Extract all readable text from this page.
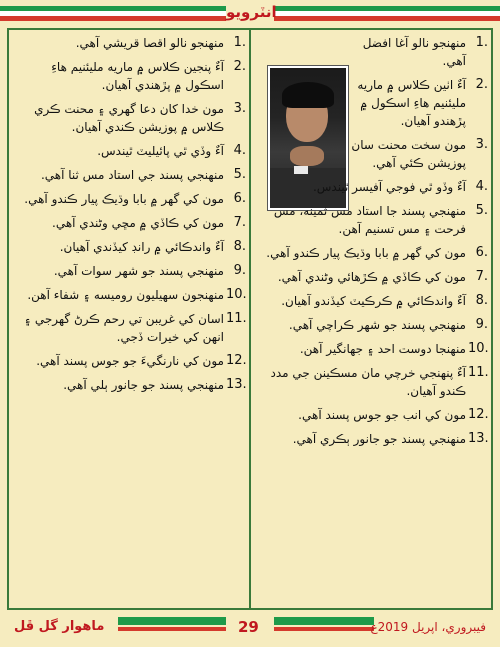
انٽرويو
1.
منهنجو نالو آغا افضل آهي.
2.
آءٌ اٺين ڪلاس ۾ ماريه مليئنيم هاءِ اسڪول ۾ پڙهندو آهيان.
3.
مون سخت محنت سان پوزيشن ڪئي آهي.
4.
آءٌ وڏو ٿي فوجي آفيسر ٿيندس.
5.
منهنجي پسند جا استاد مس ثمينه، مس فرحت ۽ مس تسنيم آهن.
6.
مون کي گهر ۾ بابا وڌيڪ پيار ڪندو آهي.
7.
مون کي ڪاڏي ۾ ڪڙهائي وڻندي آهي.
8.
آءٌ واندڪائي ۾ ڪرڪيٽ کيڏندو آهيان.
9.
منهنجي پسند جو شهر ڪراچي آهي.
10.
منهنجا دوست احد ۽ جهانگير آهن.
11.
آءٌ پنهنجي خرچي مان مسڪينن جي مدد ڪندو آهيان.
12.
مون کي انب جو جوس پسند آهي.
13.
منهنجي پسند جو جانور ٻڪري آهي.
1.
منهنجو نالو اقصا قريشي آهي.
2.
آءٌ پنجين ڪلاس ۾ ماريه مليئنيم هاءِ اسڪول ۾ پڙهندي آهيان.
3.
مون خدا کان دعا گهري ۽ محنت ڪري ڪلاس ۾ پوزيشن ڪندي آهيان.
4.
آءٌ وڏي ٿي پائيليٽ ٿيندس.
5.
منهنجي پسند جي استاد مس ثنا آهي.
6.
مون کي گهر ۾ بابا وڌيڪ پيار ڪندو آهي.
7.
مون کي ڪاڏي ۾ مڇي وڻندي آهي.
8.
آءٌ واندڪائي ۾ رانڊ کيڏندي آهيان.
9.
منهنجي پسند جو شهر سوات آهي.
10.
منهنجون سهيليون روميسه ۽ شفاء آهن.
11.
اسان کي غريبن تي رحم ڪرڻ گهرجي ۽ انهن کي خيرات ڏجي.
12.
مون کي نارنگيءَ جو جوس پسند آهي.
13.
منهنجي پسند جو جانور ٻلي آهي.
ماهوار گل ڦل	29	فيبروري، اپريل 2019ع
